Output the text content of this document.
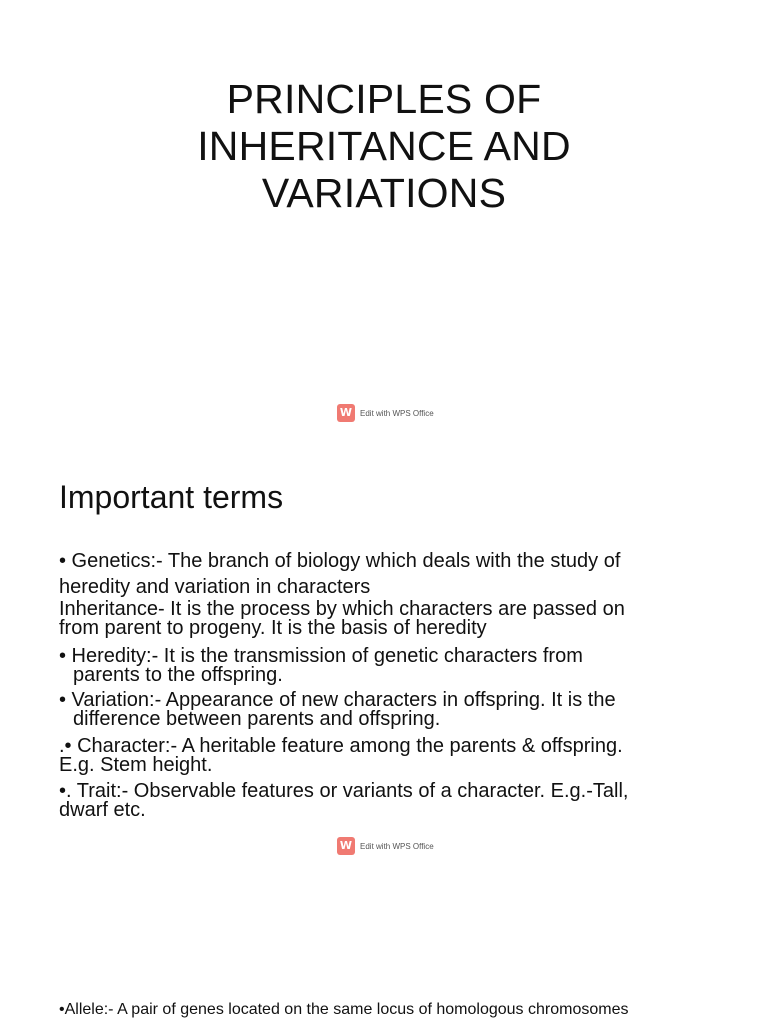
PRINCIPLES OF
INHERITANCE AND
VARIATIONS
W Edit with WPS Office
Important terms

• Genetics:- The branch of biology which deals with the study of
heredity and variation in characters

Inheritance- It is the process by which characters are passed on
from parent to progeny. It is the basis of heredity

• Heredity:- It is the transmission of genetic characters from
parents to the offspring.

• Variation:- Appearance of new characters in offspring. It is the
difference between parents and offspring.

.• Character:- A heritable feature among the parents & offspring.
E.g. Stem height.

•. Trait:- Observable features or variants of a character. E.g.-Tall,
dwarf etc.

W Edit with WPS Office

•Allele:- A pair of genes located on the same locus of homologous chromosomes
